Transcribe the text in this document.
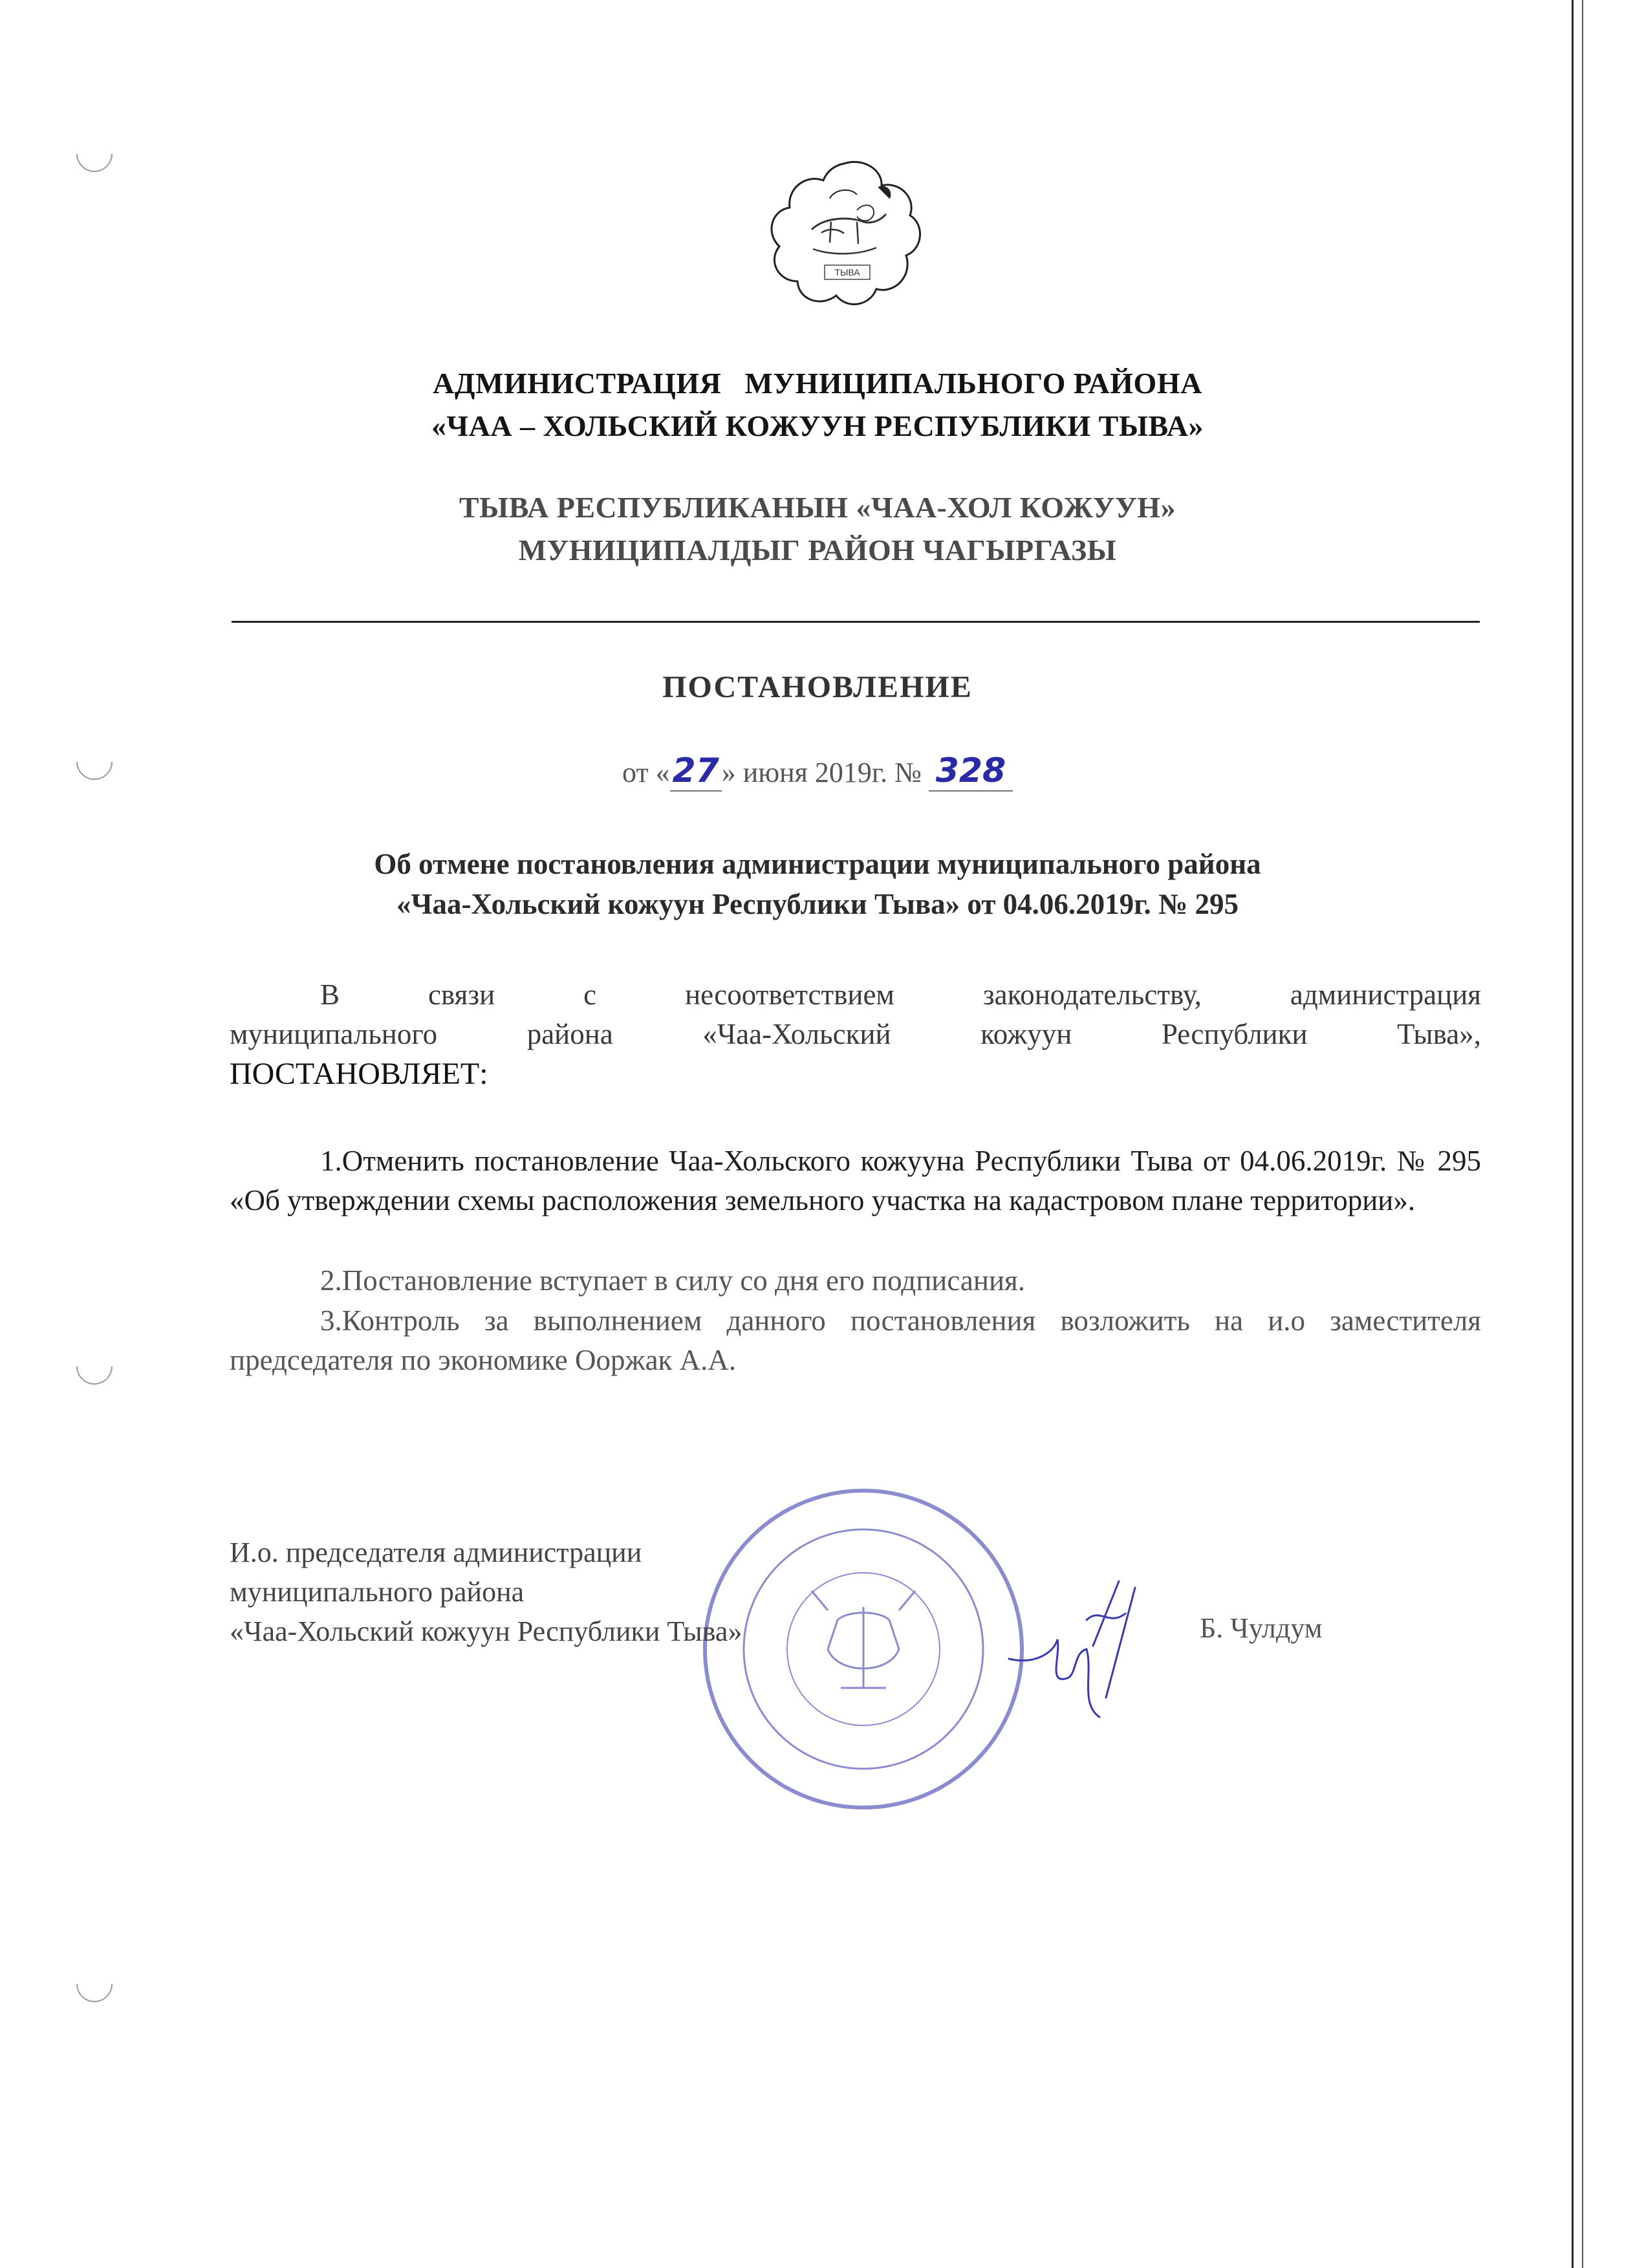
ТЫВА
АДМИНИСТРАЦИЯ   МУНИЦИПАЛЬНОГО РАЙОНА
«ЧАА – ХОЛЬСКИЙ КОЖУУН РЕСПУБЛИКИ ТЫВА»
ТЫВА РЕСПУБЛИКАНЫН «ЧАА-ХОЛ КОЖУУН»
МУНИЦИПАЛДЫГ РАЙОН ЧАГЫРГАЗЫ
ПОСТАНОВЛЕНИЕ
от «27» июня 2019г. № 328
Об отмене постановления администрации муниципального района
«Чаа-Хольский кожуун Республики Тыва» от 04.06.2019г. № 295
В связи с несоответствием законодательству, администрация
муниципального района «Чаа-Хольский кожуун Республики Тыва»,
ПОСТАНОВЛЯЕТ:
1.Отменить постановление Чаа-Хольского кожууна Республики Тыва от 04.06.2019г. № 295 «Об утверждении схемы расположения земельного участка на кадастровом плане территории».
2.Постановление вступает в силу со дня его подписания.
3.Контроль за выполнением данного постановления возложить на и.о заместителя председателя по экономике Ооржак А.А.
И.о. председателя администрации
муниципального района
«Чаа-Хольский кожуун Республики Тыва»	Б. Чулдум
